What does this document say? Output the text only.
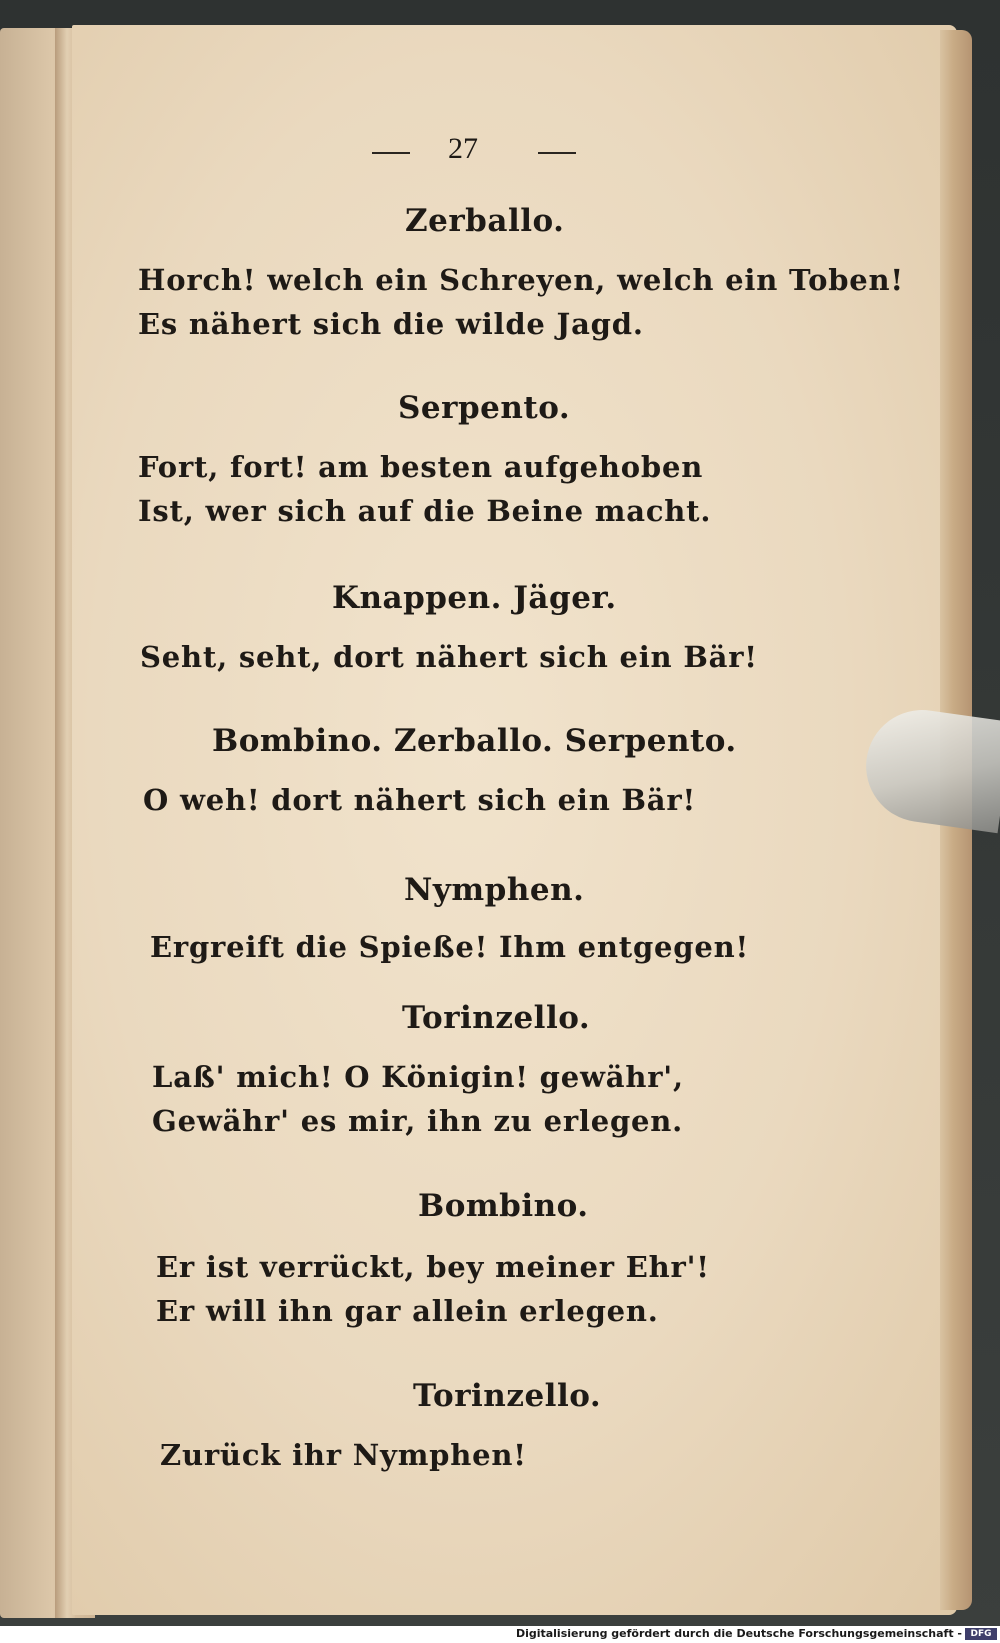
27
Zerballo.
Horch! welch ein Schreyen, welch ein Toben!
Es nähert sich die wilde Jagd.
Serpento.
Fort, fort! am besten aufgehoben
Ist, wer sich auf die Beine macht.
Knappen. Jäger.
Seht, seht, dort nähert sich ein Bär!
Bombino. Zerballo. Serpento.
O weh! dort nähert sich ein Bär!
Nymphen.
Ergreift die Spieße! Ihm entgegen!
Torinzello.
Laß' mich! O Königin! gewähr',
Gewähr' es mir, ihn zu erlegen.
Bombino.
Er ist verrückt, bey meiner Ehr'!
Er will ihn gar allein erlegen.
Torinzello.
Zurück ihr Nymphen!
Digitalisierung gefördert durch die Deutsche Forschungsgemeinschaft - DFG
